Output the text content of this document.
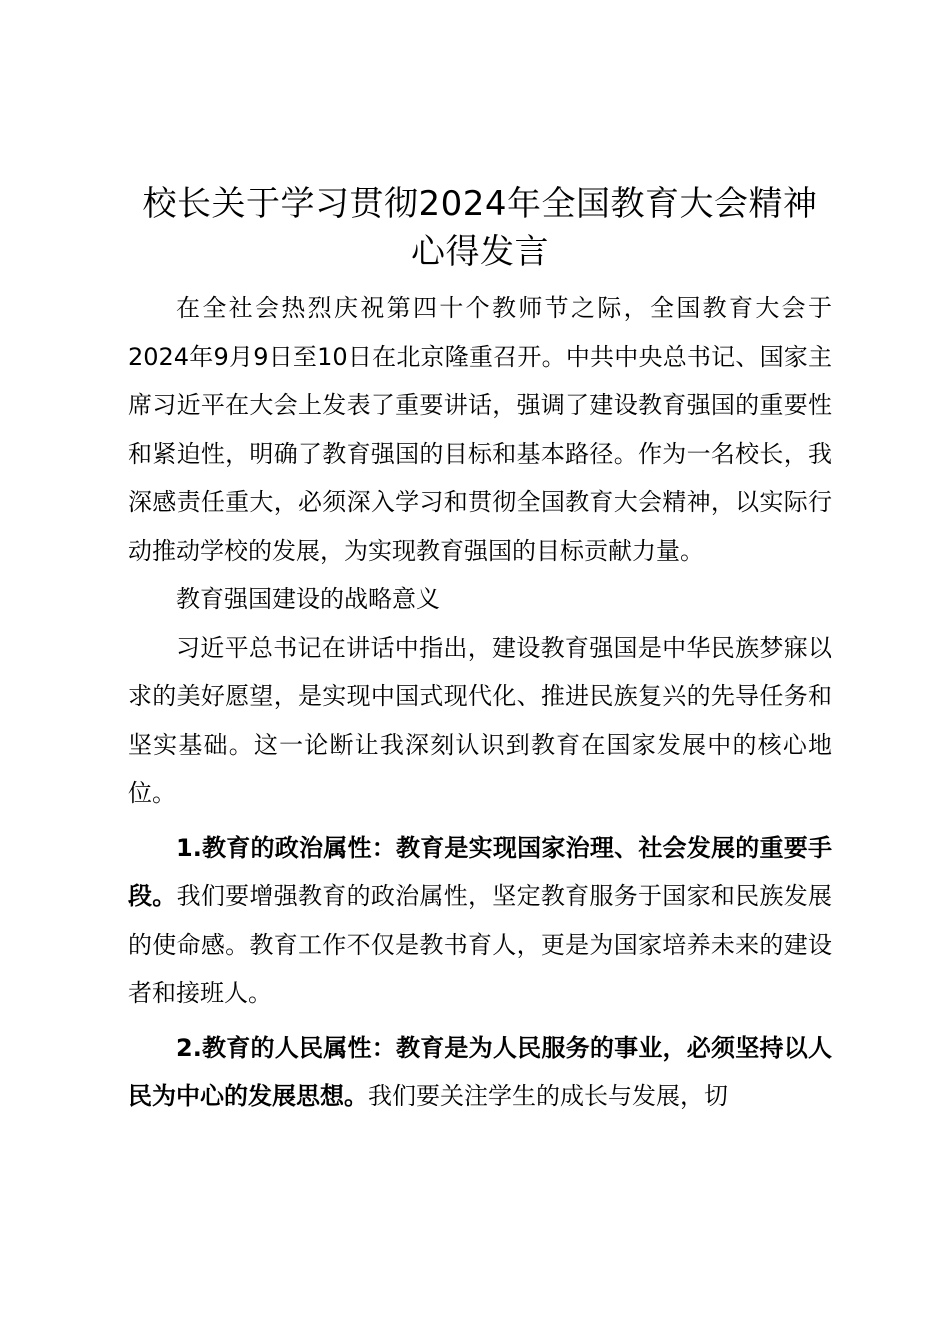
校长关于学习贯彻2024年全国教育大会精神心得发言

在全社会热烈庆祝第四十个教师节之际，全国教育大会于2024年9月9日至10日在北京隆重召开。中共中央总书记、国家主席习近平在大会上发表了重要讲话，强调了建设教育强国的重要性和紧迫性，明确了教育强国的目标和基本路径。作为一名校长，我深感责任重大，必须深入学习和贯彻全国教育大会精神，以实际行动推动学校的发展，为实现教育强国的目标贡献力量。

教育强国建设的战略意义

习近平总书记在讲话中指出，建设教育强国是中华民族梦寐以求的美好愿望，是实现中国式现代化、推进民族复兴的先导任务和坚实基础。这一论断让我深刻认识到教育在国家发展中的核心地位。

1.教育的政治属性：教育是实现国家治理、社会发展的重要手段。我们要增强教育的政治属性，坚定教育服务于国家和民族发展的使命感。教育工作不仅是教书育人，更是为国家培养未来的建设者和接班人。

2.教育的人民属性：教育是为人民服务的事业，必须坚持以人民为中心的发展思想。我们要关注学生的成长与发展，切
